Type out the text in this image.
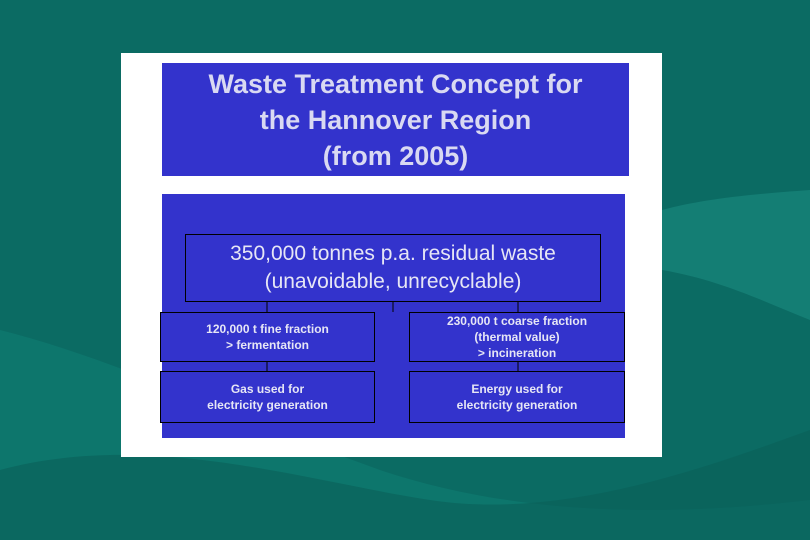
Waste Treatment Concept for
the Hannover Region
(from 2005)
350,000 tonnes p.a. residual waste
(unavoidable, unrecyclable)
120,000 t fine fraction
> fermentation
230,000 t coarse fraction
(thermal value)
> incineration
Gas used for
electricity generation
Energy used for
electricity generation
